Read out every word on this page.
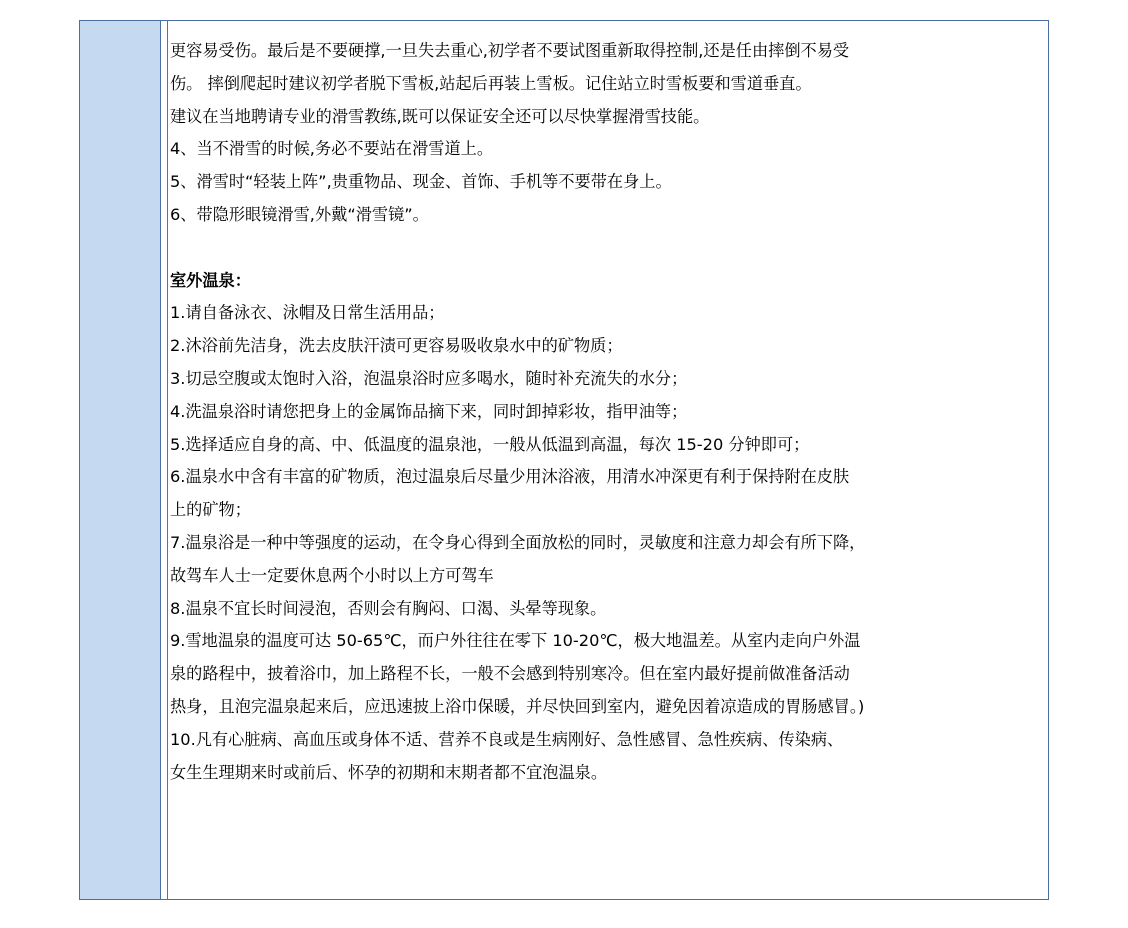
更容易受伤。最后是不要硬撑,一旦失去重心,初学者不要试图重新取得控制,还是任由摔倒不易受
伤。 摔倒爬起时建议初学者脱下雪板,站起后再装上雪板。记住站立时雪板要和雪道垂直。
建议在当地聘请专业的滑雪教练,既可以保证安全还可以尽快掌握滑雪技能。
4、当不滑雪的时候,务必不要站在滑雪道上。
5、滑雪时“轻装上阵”,贵重物品、现金、首饰、手机等不要带在身上。
6、带隐形眼镜滑雪,外戴“滑雪镜”。
室外温泉：
1.请自备泳衣、泳帽及日常生活用品；
2.沐浴前先洁身，洗去皮肤汗渍可更容易吸收泉水中的矿物质；
3.切忌空腹或太饱时入浴，泡温泉浴时应多喝水，随时补充流失的水分；
4.洗温泉浴时请您把身上的金属饰品摘下来，同时卸掉彩妆，指甲油等；
5.选择适应自身的高、中、低温度的温泉池，一般从低温到高温，每次 15-20 分钟即可；
6.温泉水中含有丰富的矿物质，泡过温泉后尽量少用沐浴液，用清水冲深更有利于保持附在皮肤
上的矿物；
7.温泉浴是一种中等强度的运动，在令身心得到全面放松的同时，灵敏度和注意力却会有所下降，
故驾车人士一定要休息两个小时以上方可驾车
8.温泉不宜长时间浸泡，否则会有胸闷、口渴、头晕等现象。
9.雪地温泉的温度可达 50-65℃，而户外往往在零下 10-20℃，极大地温差。从室内走向户外温
泉的路程中，披着浴巾，加上路程不长，一般不会感到特别寒冷。但在室内最好提前做准备活动
热身，且泡完温泉起来后，应迅速披上浴巾保暖，并尽快回到室内，避免因着凉造成的胃肠感冒。)
10.凡有心脏病、高血压或身体不适、营养不良或是生病刚好、急性感冒、急性疾病、传染病、
女生生理期来时或前后、怀孕的初期和末期者都不宜泡温泉。
